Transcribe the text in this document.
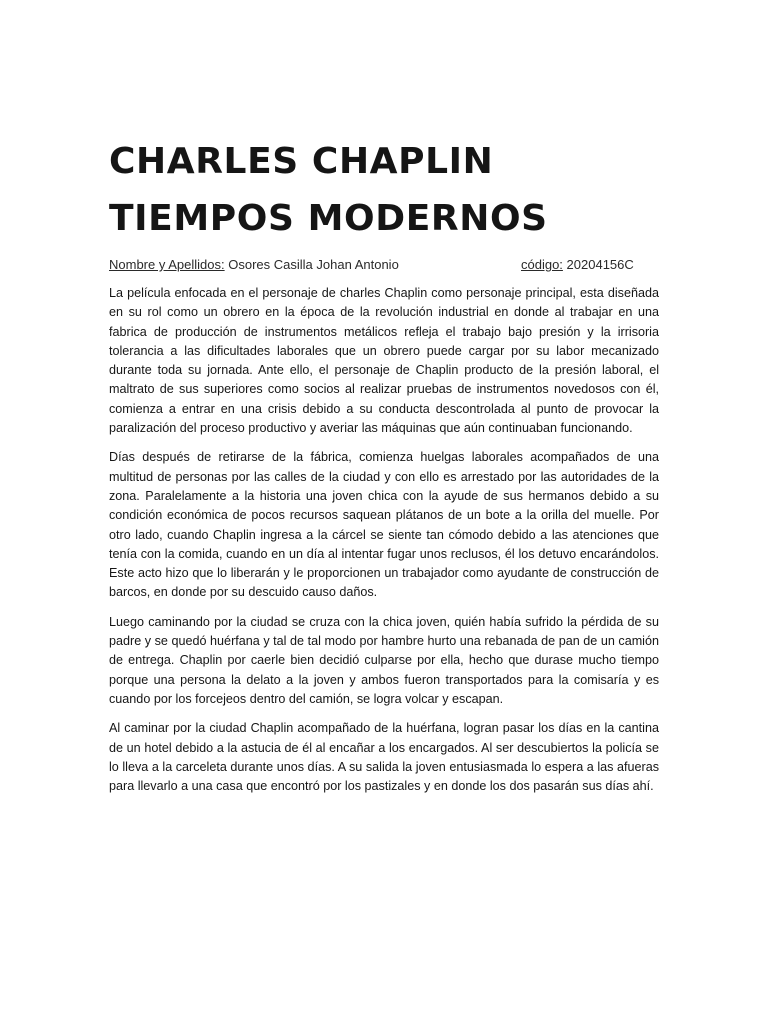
CHARLES CHAPLIN
TIEMPOS MODERNOS
Nombre y Apellidos: Osores Casilla Johan Antonio	código: 20204156C

La película enfocada en el personaje de charles Chaplin como personaje principal, esta diseñada en su rol como un obrero en la época de la revolución industrial en donde al trabajar en una fabrica de producción de instrumentos metálicos refleja el trabajo bajo presión y la irrisoria tolerancia a las dificultades laborales que un obrero puede cargar por su labor mecanizado durante toda su jornada. Ante ello, el personaje de Chaplin producto de la presión laboral, el maltrato de sus superiores como socios al realizar pruebas de instrumentos novedosos con él, comienza a entrar en una crisis debido a su conducta descontrolada al punto de provocar la paralización del proceso productivo y averiar las máquinas que aún continuaban funcionando.

Días después de retirarse de la fábrica, comienza huelgas laborales acompañados de una multitud de personas por las calles de la ciudad y con ello es arrestado por las autoridades de la zona. Paralelamente a la historia una joven chica con la ayude de sus hermanos debido a su condición económica de pocos recursos saquean plátanos de un bote a la orilla del muelle. Por otro lado, cuando Chaplin ingresa a la cárcel se siente tan cómodo debido a las atenciones que tenía con la comida, cuando en un día al intentar fugar unos reclusos, él los detuvo encarándolos. Este acto hizo que lo liberarán y le proporcionen un trabajador como ayudante de construcción de barcos, en donde por su descuido causo daños.

Luego caminando por la ciudad se cruza con la chica joven, quién había sufrido la pérdida de su padre y se quedó huérfana y tal de tal modo por hambre hurto una rebanada de pan de un camión de entrega. Chaplin por caerle bien decidió culparse por ella, hecho que durase mucho tiempo porque una persona la delato a la joven y ambos fueron transportados para la comisaría y es cuando por los forcejeos dentro del camión, se logra volcar y escapan.

Al caminar por la ciudad Chaplin acompañado de la huérfana, logran pasar los días en la cantina de un hotel debido a la astucia de él al encañar a los encargados. Al ser descubiertos la policía se lo lleva a la carceleta durante unos días. A su salida la joven entusiasmada lo espera a las afueras para llevarlo a una casa que encontró por los pastizales y en donde los dos pasarán sus días ahí.
